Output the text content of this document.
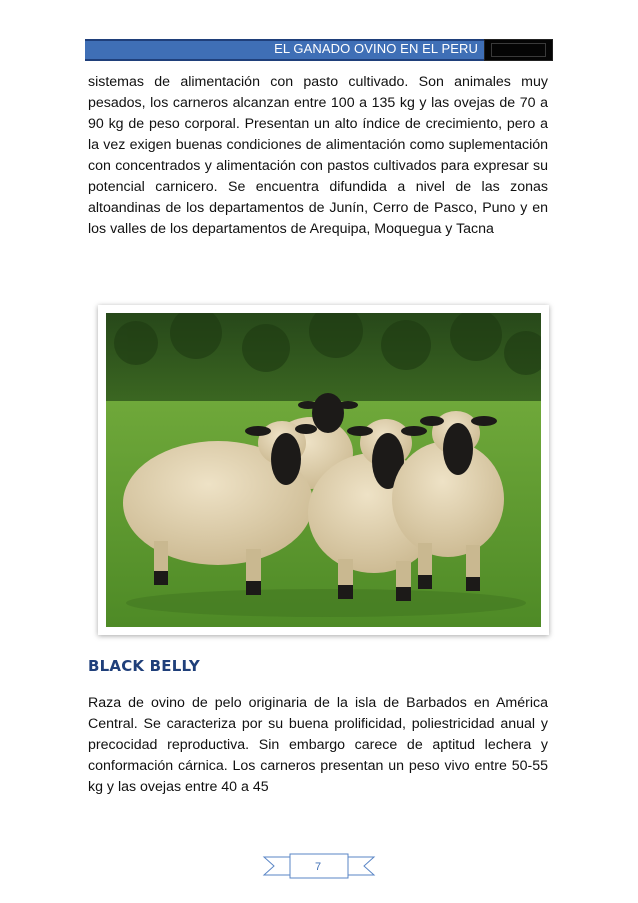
EL GANADO OVINO EN EL PERU

sistemas de alimentación con pasto cultivado. Son animales muy pesados, los carneros alcanzan entre 100 a 135 kg y las ovejas de 70 a 90 kg de peso corporal. Presentan un alto índice de crecimiento, pero a la vez exigen buenas condiciones de alimentación como suplementación con concentrados y alimentación con pastos cultivados para expresar su potencial carnicero. Se encuentra difundida a nivel de las zonas altoandinas de los departamentos de Junín, Cerro de Pasco, Puno y en los valles de los departamentos de Arequipa, Moquegua y Tacna

BLACK BELLY

Raza de ovino de pelo originaria de la isla de Barbados en América Central. Se caracteriza por su buena prolificidad, poliestricidad anual y precocidad reproductiva. Sin embargo carece de aptitud lechera y conformación cárnica. Los carneros presentan un peso vivo entre 50-55 kg y las ovejas entre 40 a 45

7
